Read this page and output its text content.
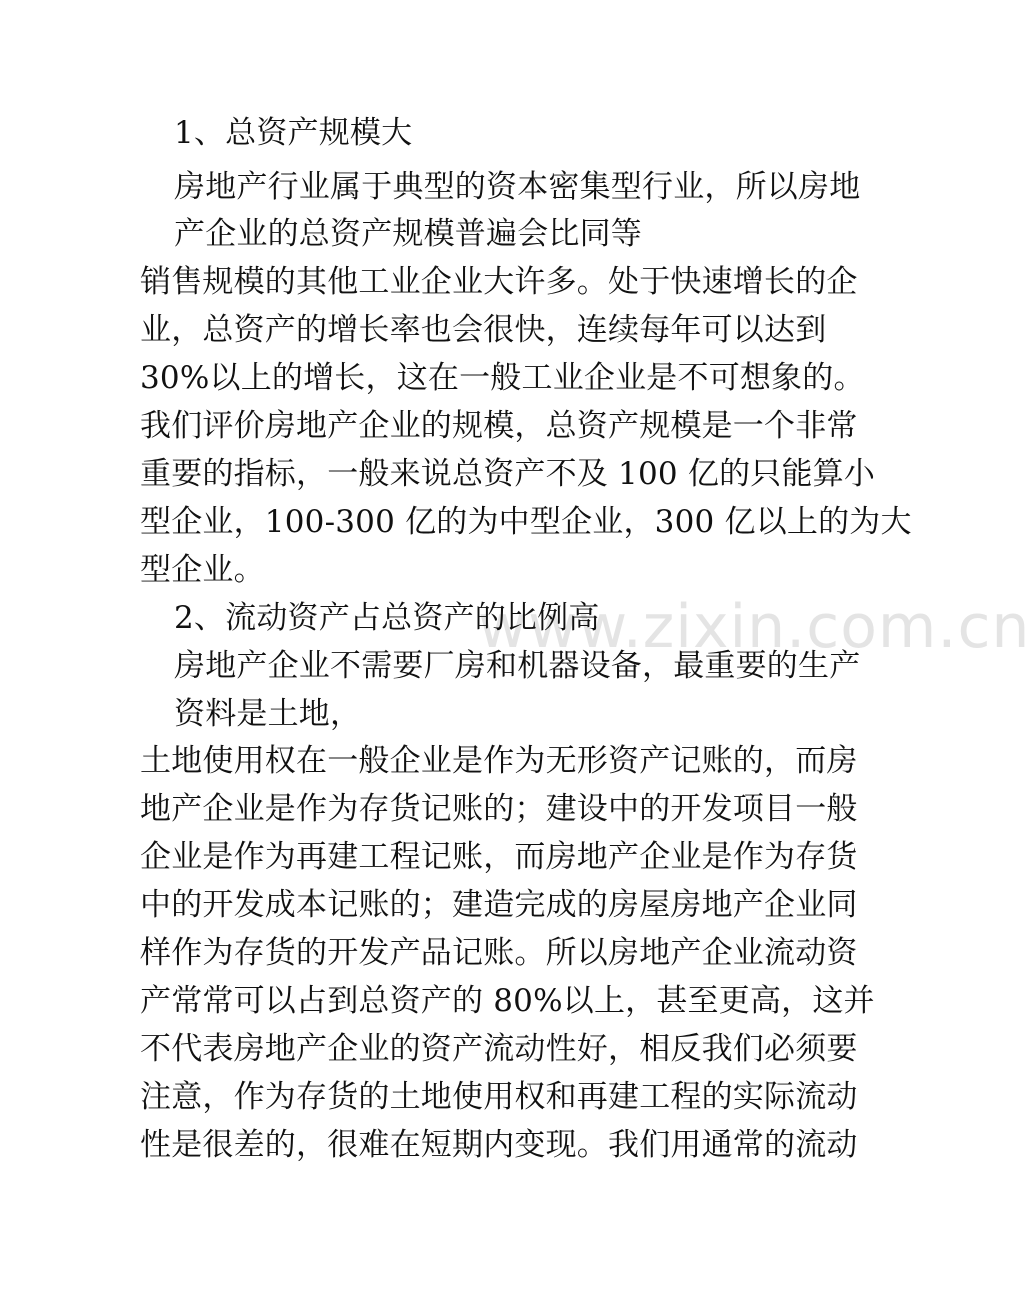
www.zixin.com.cn
1、总资产规模大
房地产行业属于典型的资本密集型行业，所以房地
产企业的总资产规模普遍会比同等
销售规模的其他工业企业大许多。处于快速增长的企
业，总资产的增长率也会很快，连续每年可以达到
30%以上的增长，这在一般工业企业是不可想象的。
我们评价房地产企业的规模，总资产规模是一个非常
重要的指标，一般来说总资产不及 100 亿的只能算小
型企业，100-300 亿的为中型企业，300 亿以上的为大
型企业。
2、流动资产占总资产的比例高
房地产企业不需要厂房和机器设备，最重要的生产
资料是土地，
土地使用权在一般企业是作为无形资产记账的，而房
地产企业是作为存货记账的；建设中的开发项目一般
企业是作为再建工程记账，而房地产企业是作为存货
中的开发成本记账的；建造完成的房屋房地产企业同
样作为存货的开发产品记账。所以房地产企业流动资
产常常可以占到总资产的 80%以上，甚至更高，这并
不代表房地产企业的资产流动性好，相反我们必须要
注意，作为存货的土地使用权和再建工程的实际流动
性是很差的，很难在短期内变现。我们用通常的流动
